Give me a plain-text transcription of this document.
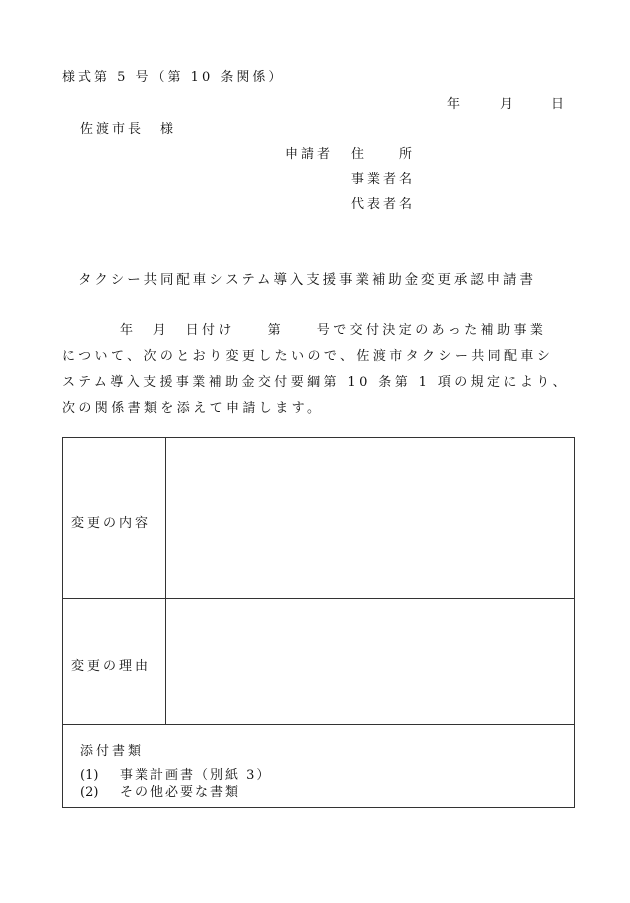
様式第 5 号（第 10 条関係）
年	月	日
佐渡市長　様
申請者 住　　所
事業者名
代表者名
タクシー共同配車システム導入支援事業補助金変更承認申請書
年　月　日付け　　第　　号で交付決定のあった補助事業
について、次のとおり変更したいので、佐渡市タクシー共同配車シ
ステム導入支援事業補助金交付要綱第 10 条第 1 項の規定により、
次の関係書類を添えて申請します。
変更の内容
変更の理由
添付書類
(1) 事業計画書（別紙 3）
(2) その他必要な書類
